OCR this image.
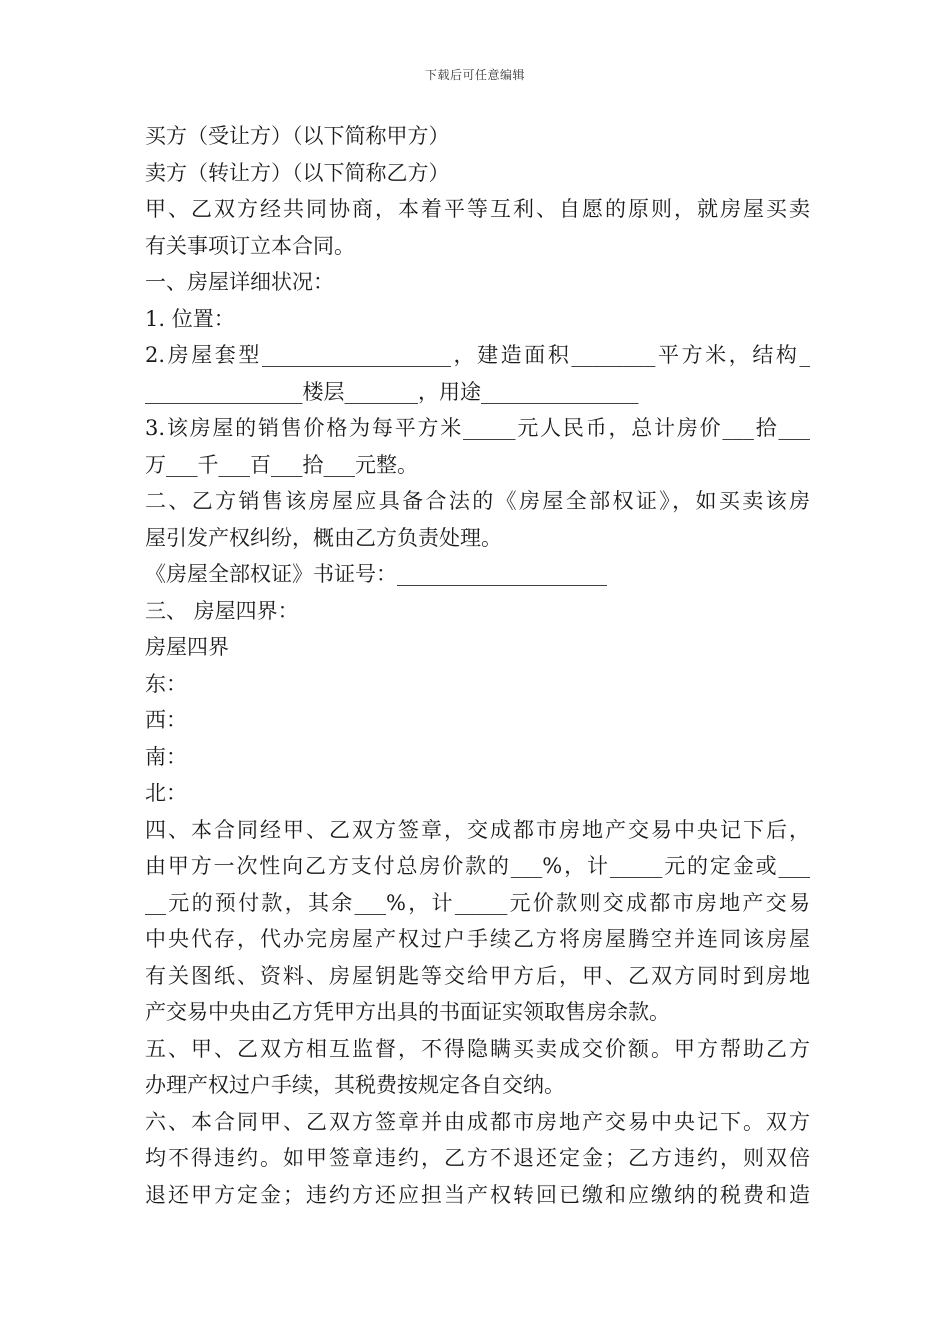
下载后可任意编辑
买方（受让方）（以下简称甲方）
卖方（转让方）（以下简称乙方）
甲、乙双方经共同协商，本着平等互利、自愿的原则，就房屋买卖
有关事项订立本合同。
一、房屋详细状况：
1. 位置：
2.房屋套型__________________，建造面积________平方米，结构_
_______________楼层_______，用途_______________
3.该房屋的销售价格为每平方米_____元人民币，总计房价___拾___
万___千___百___拾___元整。
二、乙方销售该房屋应具备合法的《房屋全部权证》，如买卖该房
屋引发产权纠纷，概由乙方负责处理。
《房屋全部权证》书证号：____________________
三、 房屋四界：
房屋四界
东：
西：
南：
北：
四、本合同经甲、乙双方签章，交成都市房地产交易中央记下后，
由甲方一次性向乙方支付总房价款的___%，计_____元的定金或___
__元的预付款，其余___%，计_____元价款则交成都市房地产交易
中央代存，代办完房屋产权过户手续乙方将房屋腾空并连同该房屋
有关图纸、资料、房屋钥匙等交给甲方后，甲、乙双方同时到房地
产交易中央由乙方凭甲方出具的书面证实领取售房余款。
五、甲、乙双方相互监督，不得隐瞒买卖成交价额。甲方帮助乙方
办理产权过户手续，其税费按规定各自交纳。
六、本合同甲、乙双方签章并由成都市房地产交易中央记下。双方
均不得违约。如甲签章违约，乙方不退还定金；乙方违约，则双倍
退还甲方定金；违约方还应担当产权转回已缴和应缴纳的税费和造
